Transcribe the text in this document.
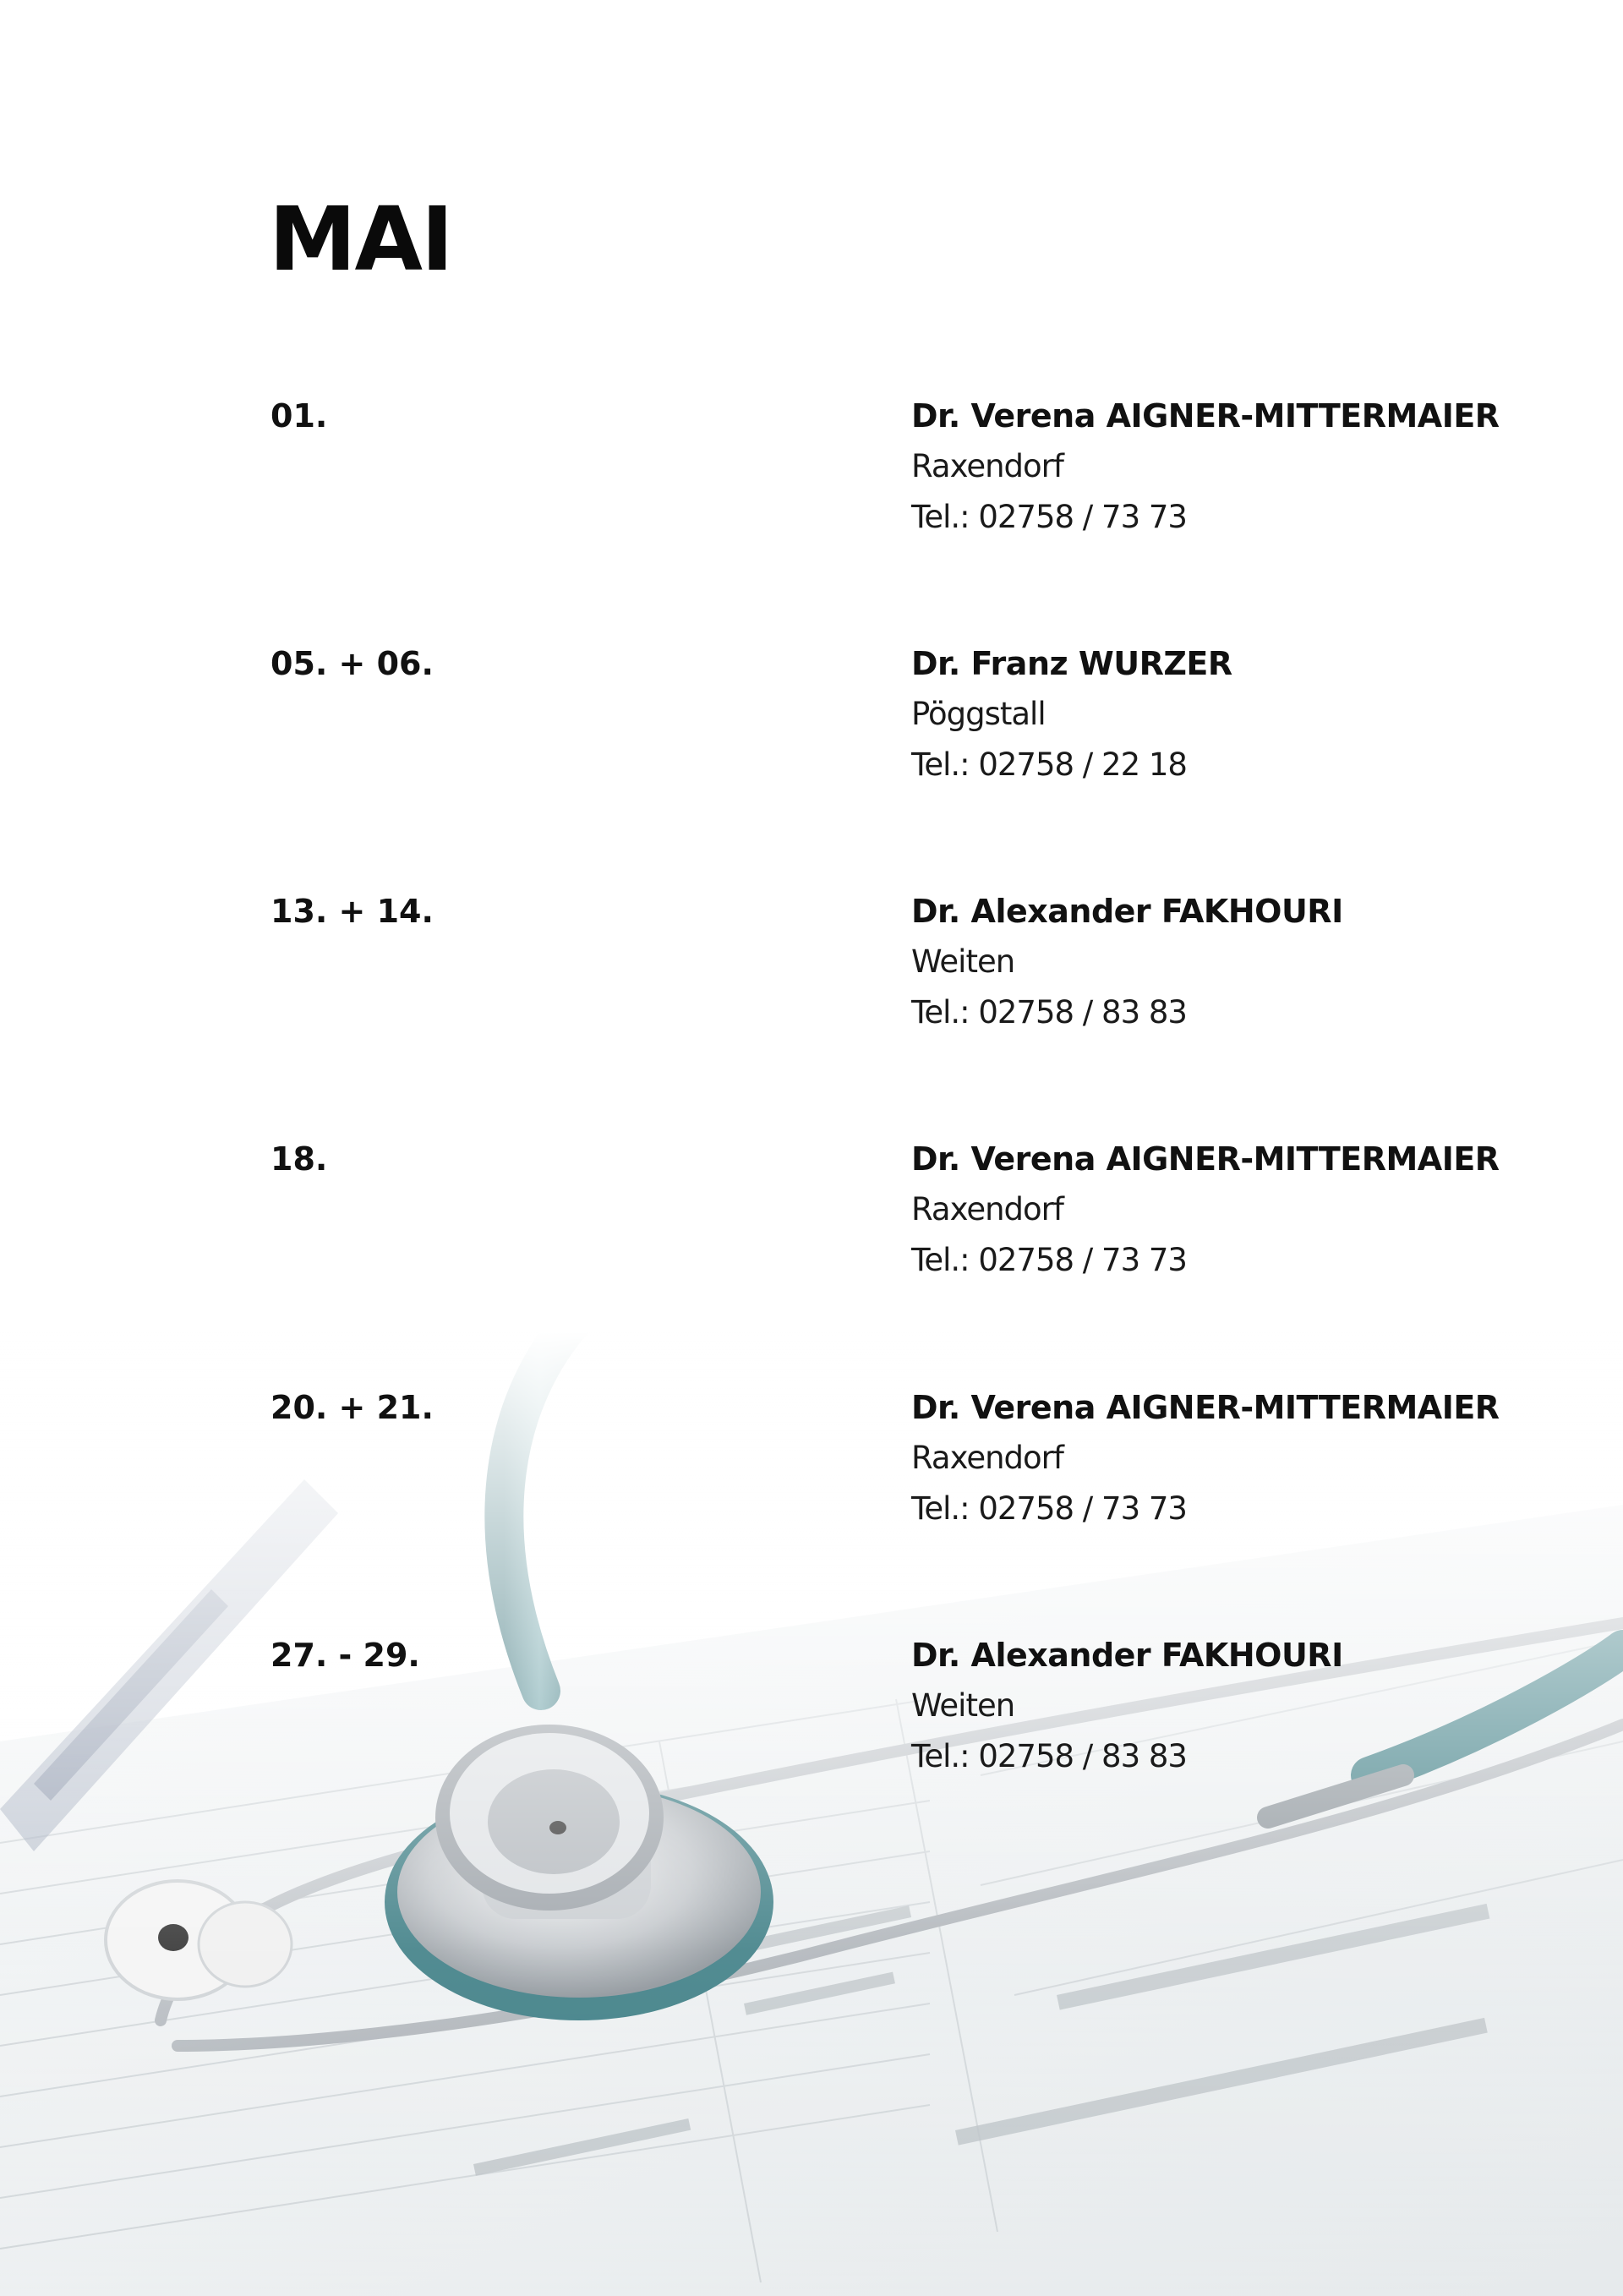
MAI
01.	Dr. Verena AIGNER-MITTERMAIER
Raxendorf
Tel.: 02758 / 73 73
05. + 06.	Dr. Franz WURZER
Pöggstall
Tel.: 02758 / 22 18
13. + 14.	Dr. Alexander FAKHOURI
Weiten
Tel.: 02758 / 83 83
18.	Dr. Verena AIGNER-MITTERMAIER
Raxendorf
Tel.: 02758 / 73 73
20. + 21.	Dr. Verena AIGNER-MITTERMAIER
Raxendorf
Tel.: 02758 / 73 73
27. - 29.	Dr. Alexander FAKHOURI
Weiten
Tel.: 02758 / 83 83
